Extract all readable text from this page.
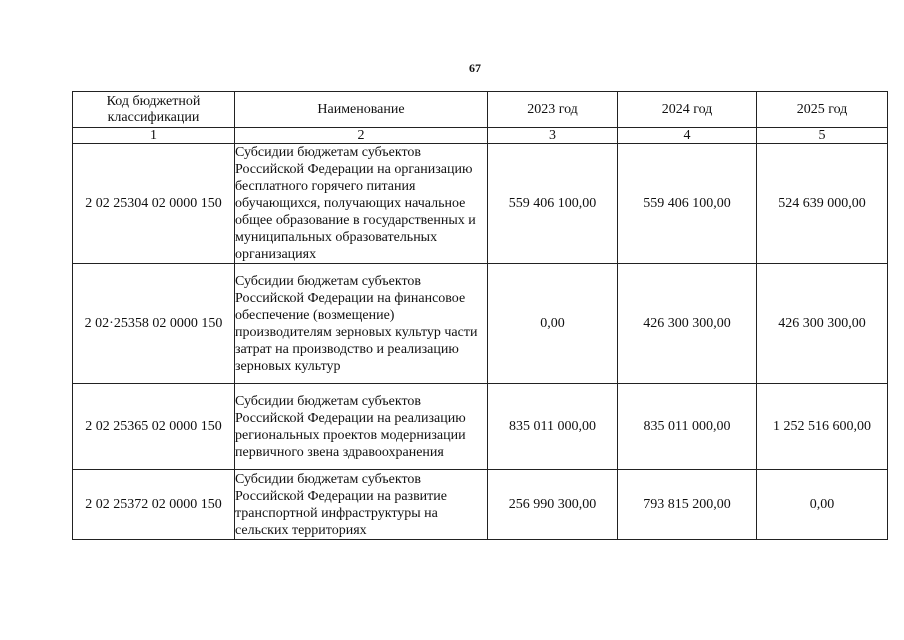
67
Код бюджетной классификации	Наименование	2023 год	2024 год	2025 год
1	2	3	4	5
2 02 25304 02 0000 150	Субсидии бюджетам субъектов Российской Федерации на организацию бесплатного горячего питания обучающихся, получающих начальное общее образование в государственных и муниципальных образовательных организациях	559 406 100,00	559 406 100,00	524 639 000,00
2 02·25358 02 0000 150	Субсидии бюджетам субъектов Российской Федерации на финансовое обеспечение (возмещение) производителям зерновых культур части затрат на производство и реализацию зерновых культур	0,00	426 300 300,00	426 300 300,00
2 02 25365 02 0000 150	Субсидии бюджетам субъектов Российской Федерации на реализацию региональных проектов модернизации первичного звена здравоохранения	835 011 000,00	835 011 000,00	1 252 516 600,00
2 02 25372 02 0000 150	Субсидии бюджетам субъектов Российской Федерации на развитие транспортной инфраструктуры на сельских территориях	256 990 300,00	793 815 200,00	0,00
